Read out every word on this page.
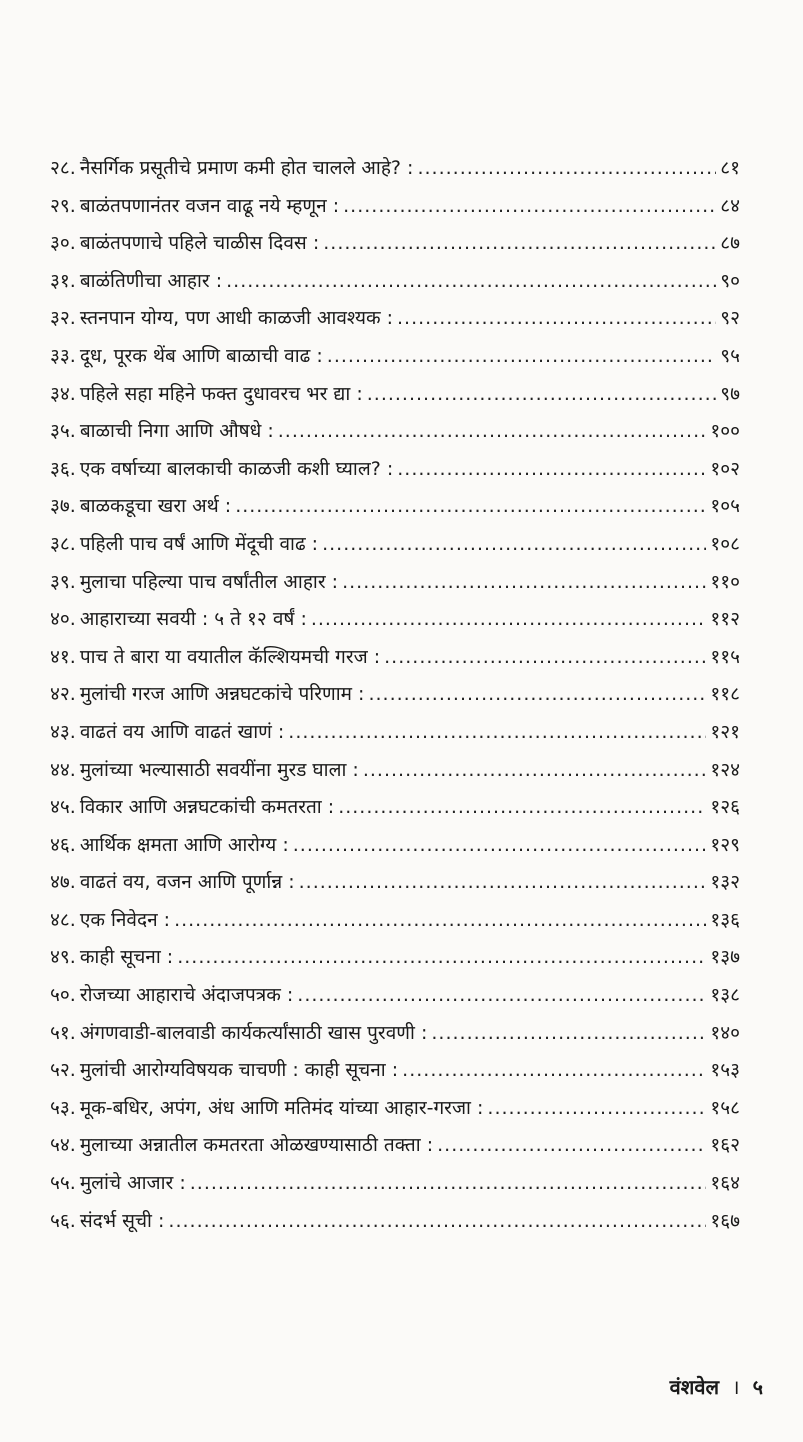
२८. नैसर्गिक प्रसूतीचे प्रमाण कमी होत चालले आहे? : .....	८१
२९. बाळंतपणानंतर वजन वाढू नये म्हणून : .....	८४
३०. बाळंतपणाचे पहिले चाळीस दिवस : .....	८७
३१. बाळंतिणीचा आहार : .....	९०
३२. स्तनपान योग्य, पण आधी काळजी आवश्यक : .....	९२
३३. दूध, पूरक थेंब आणि बाळाची वाढ : .....	९५
३४. पहिले सहा महिने फक्त दुधावरच भर द्या : .....	९७
३५. बाळाची निगा आणि औषधे : .....	१००
३६. एक वर्षाच्या बालकाची काळजी कशी घ्याल? : .....	१०२
३७. बाळकडूचा खरा अर्थ : .....	१०५
३८. पहिली पाच वर्षं आणि मेंदूची वाढ : .....	१०८
३९. मुलाचा पहिल्या पाच वर्षांतील आहार : .....	११०
४०. आहाराच्या सवयी : ५ ते १२ वर्षं : .....	११२
४१. पाच ते बारा या वयातील कॅल्शियमची गरज : .....	११५
४२. मुलांची गरज आणि अन्नघटकांचे परिणाम : .....	११८
४३. वाढतं वय आणि वाढतं खाणं : .....	१२१
४४. मुलांच्या भल्यासाठी सवयींना मुरड घाला : .....	१२४
४५. विकार आणि अन्नघटकांची कमतरता : .....	१२६
४६. आर्थिक क्षमता आणि आरोग्य : .....	१२९
४७. वाढतं वय, वजन आणि पूर्णान्न : .....	१३२
४८. एक निवेदन : .....	१३६
४९. काही सूचना : .....	१३७
५०. रोजच्या आहाराचे अंदाजपत्रक : .....	१३८
५१. अंगणवाडी-बालवाडी कार्यकर्त्यांसाठी खास पुरवणी : .....	१४०
५२. मुलांची आरोग्यविषयक चाचणी : काही सूचना : .....	१५३
५३. मूक-बधिर, अपंग, अंध आणि मतिमंद यांच्या आहार-गरजा : .....	१५८
५४. मुलाच्या अन्नातील कमतरता ओळखण्यासाठी तक्ता : .....	१६२
५५. मुलांचे आजार : .....	१६४
५६. संदर्भ सूची : .....	१६७
वंशवेल । ५
